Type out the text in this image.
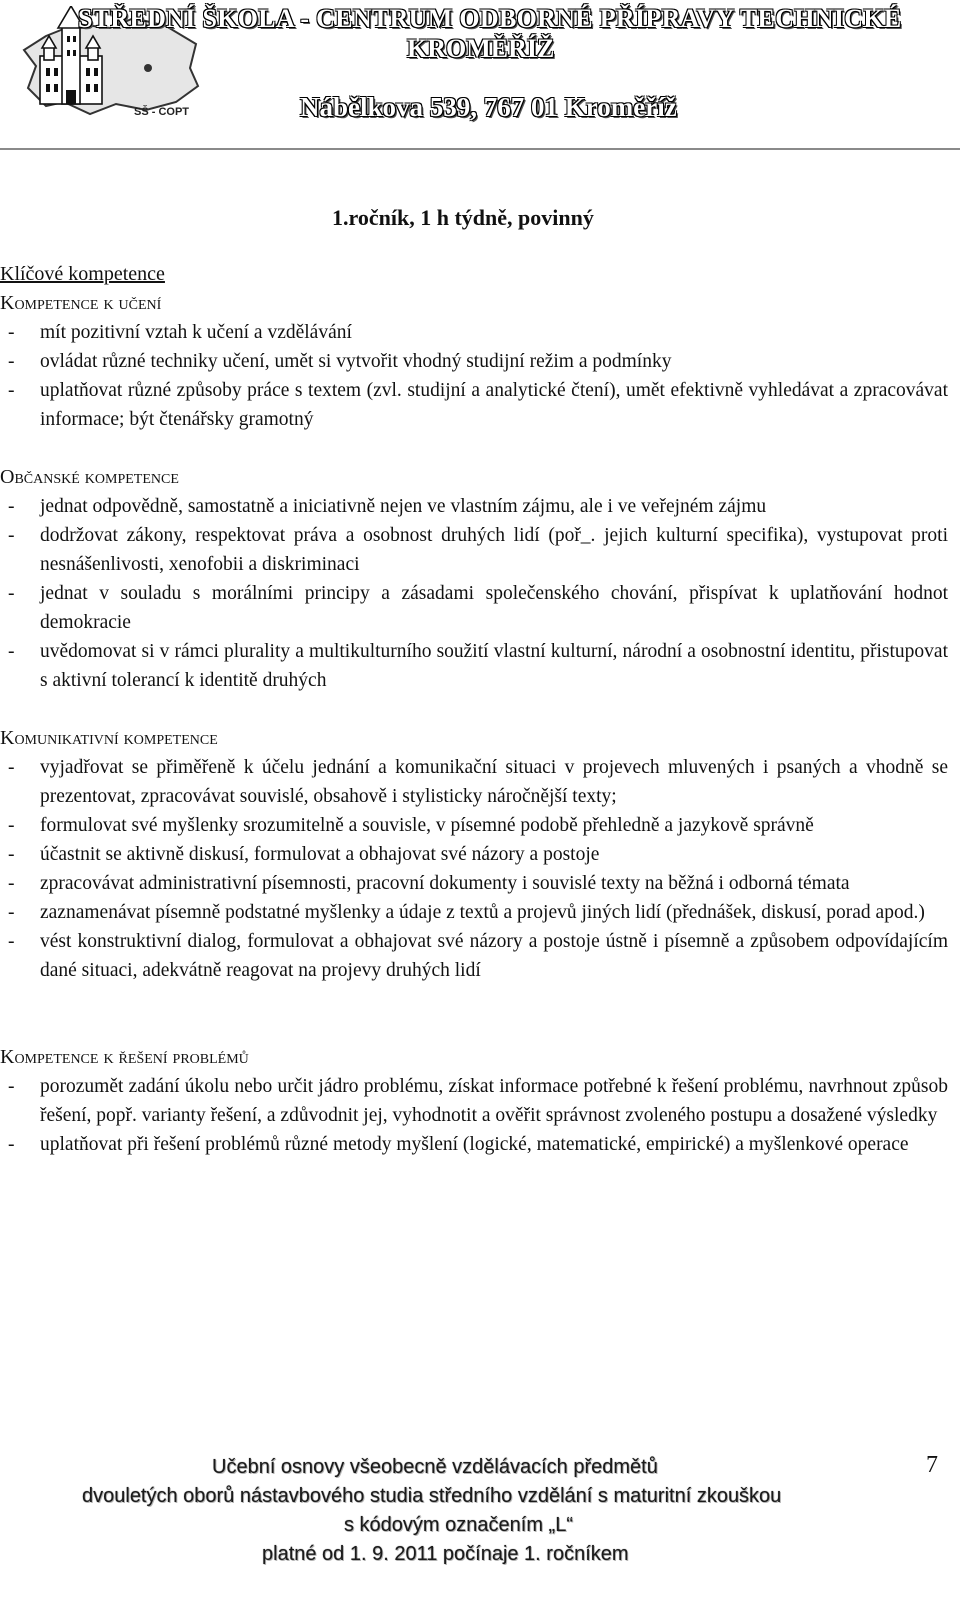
SŠ - COPT
STŘEDNÍ ŠKOLA - CENTRUM ODBORNÉ PŘÍPRAVY TECHNICKÉ
KROMĚŘÍŽ
Nábělkova 539, 767 01 Kroměříž
1.ročník, 1 h týdně, povinný
Klíčové kompetence
Kompetence k učení
-	mít pozitivní vztah k učení a vzdělávání
-	ovládat různé techniky učení, umět si vytvořit vhodný studijní režim a podmínky
-	uplatňovat různé způsoby práce s textem (zvl. studijní a analytické čtení), umět efektivně vyhledávat a zpracovávat informace; být čtenářsky gramotný
Občanské kompetence
-	jednat odpovědně, samostatně a iniciativně nejen ve vlastním zájmu, ale i ve veřejném zájmu
-	dodržovat zákony, respektovat práva a osobnost druhých lidí (poř_. jejich kulturní specifika), vystupovat proti nesnášenlivosti, xenofobii a diskriminaci
-	jednat v souladu s morálními principy a zásadami společenského chování, přispívat k uplatňování hodnot demokracie
-	uvědomovat si v rámci plurality a multikulturního soužití vlastní kulturní, národní a osobnostní identitu, přistupovat s aktivní tolerancí k identitě druhých
Komunikativní kompetence
-	vyjadřovat se přiměřeně k účelu jednání a komunikační situaci v projevech mluvených i psaných a vhodně se prezentovat, zpracovávat souvislé, obsahově i stylisticky náročnější texty;
-	formulovat své myšlenky srozumitelně a souvisle, v písemné podobě přehledně a jazykově správně
-	účastnit se aktivně diskusí, formulovat a obhajovat své názory a postoje
-	zpracovávat administrativní písemnosti, pracovní dokumenty i souvislé texty na běžná i odborná témata
-	zaznamenávat písemně podstatné myšlenky a údaje z textů a projevů jiných lidí (přednášek, diskusí, porad apod.)
-	vést konstruktivní dialog, formulovat a obhajovat své názory a postoje ústně i písemně a způsobem odpovídajícím dané situaci, adekvátně reagovat na projevy druhých lidí
Kompetence k řešení problémů
-	porozumět zadání úkolu nebo určit jádro problému, získat informace potřebné k řešení problému, navrhnout způsob řešení, popř. varianty řešení, a zdůvodnit jej, vyhodnotit a ověřit správnost zvoleného postupu a dosažené výsledky
-	uplatňovat při řešení problémů různé metody myšlení (logické, matematické, empirické) a myšlenkové operace
Učební osnovy všeobecně vzdělávacích předmětů
dvouletých oborů nástavbového studia středního vzdělání s maturitní zkouškou
s kódovým označením „L“
platné od 1. 9. 2011 počínaje 1. ročníkem
7
